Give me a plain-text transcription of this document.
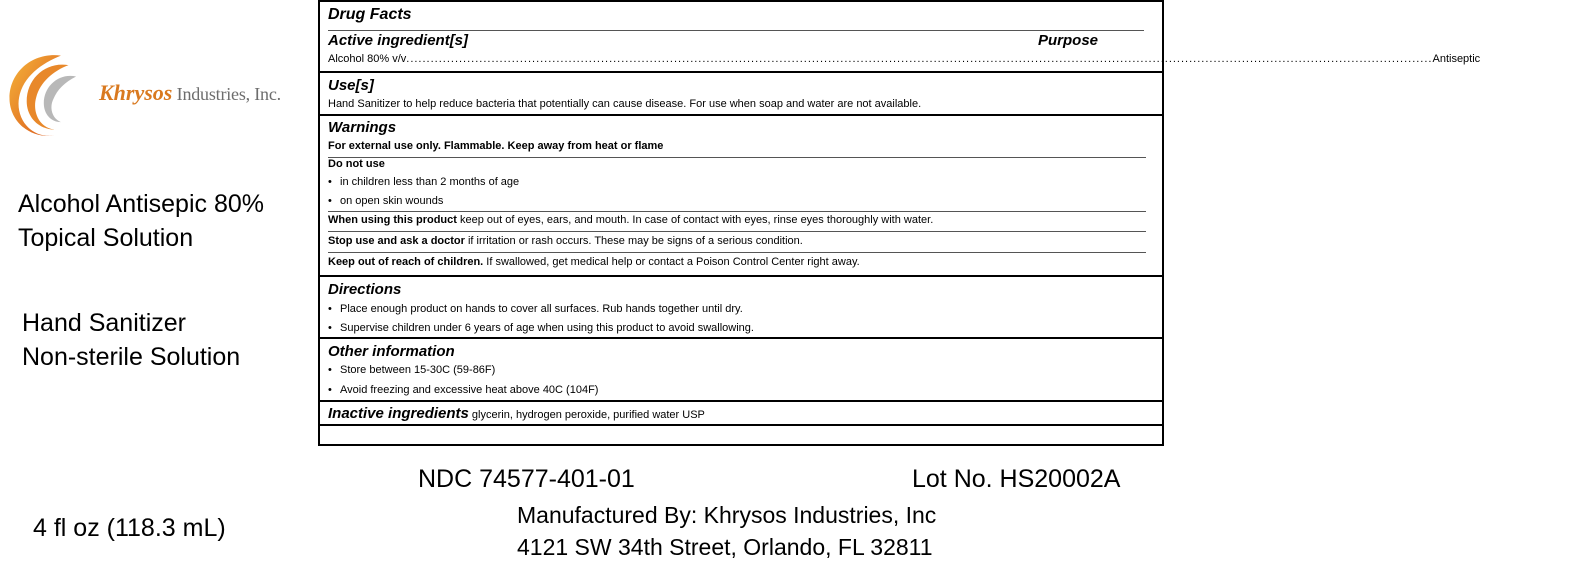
Khrysos Industries, Inc.
Alcohol Antisepic 80%
Topical Solution
Hand Sanitizer
Non-sterile Solution
Drug Facts
Active ingredient[s]	Purpose
Alcohol 80% v/v ............................................................................................................................................................................................................................................................. Antiseptic
Use[s]
Hand Sanitizer to help reduce bacteria that potentially can cause disease. For use when soap and water are not available.
Warnings
For external use only. Flammable. Keep away from heat or flame
Do not use
• in children less than 2 months of age
• on open skin wounds
When using this product keep out of eyes, ears, and mouth. In case of contact with eyes, rinse eyes thoroughly with water.
Stop use and ask a doctor if irritation or rash occurs. These may be signs of a serious condition.
Keep out of reach of children. If swallowed, get medical help or contact a Poison Control Center right away.
Directions
• Place enough product on hands to cover all surfaces. Rub hands together until dry.
• Supervise children under 6 years of age when using this product to avoid swallowing.
Other information
• Store between 15-30C (59-86F)
• Avoid freezing and excessive heat above 40C (104F)
Inactive ingredients glycerin, hydrogen peroxide, purified water USP
NDC 74577-401-01	Lot No. HS20002A
4 fl oz (118.3 mL)	Manufactured By: Khrysos Industries, Inc
4121 SW 34th Street, Orlando, FL 32811
